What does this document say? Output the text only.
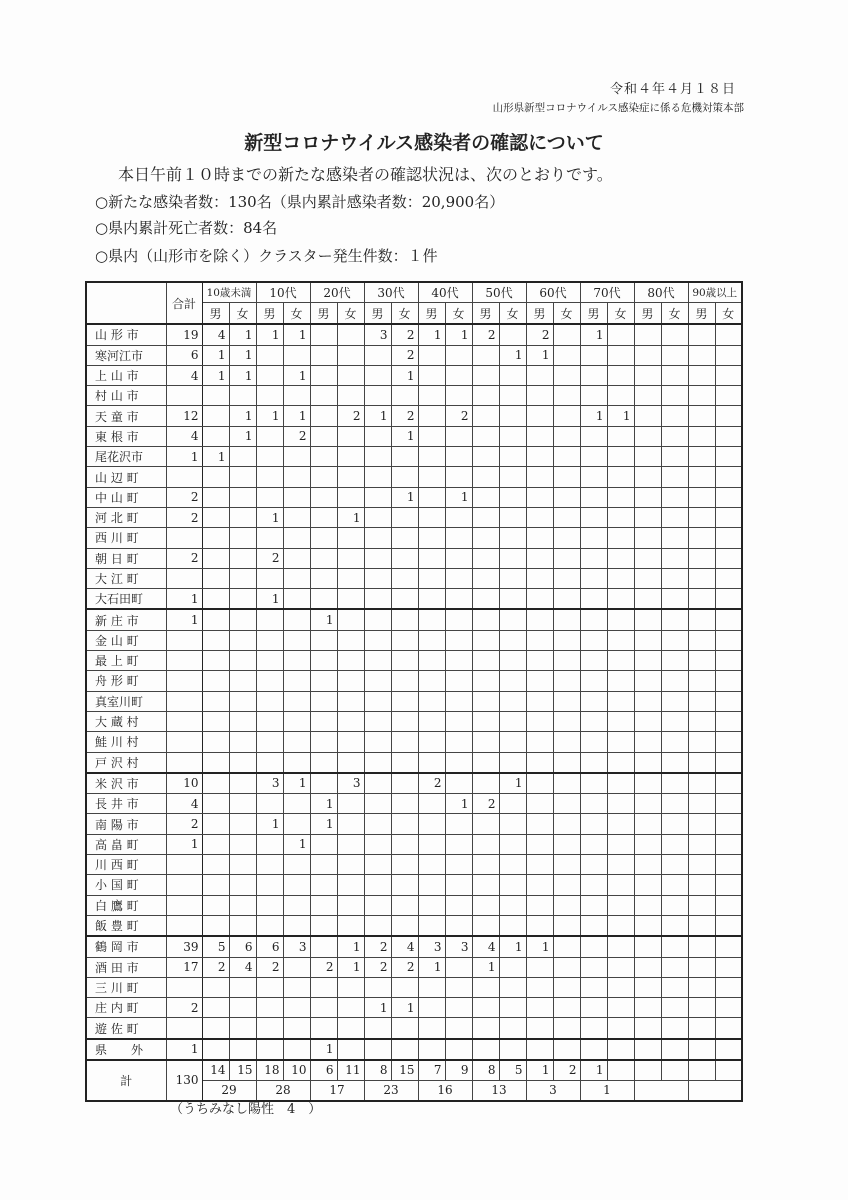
令和４年４月１８日
山形県新型コロナウイルス感染症に係る危機対策本部
新型コロナウイルス感染者の確認について
本日午前１０時までの新たな感染者の確認状況は、次のとおりです。
○新たな感染者数：130名（県内累計感染者数：20,900名）
○県内累計死亡者数：84名
○県内（山形市を除く）クラスター発生件数：１件
	合計	10歳未満		10代		20代		30代		40代		50代		60代		70代		80代		90歳以上	
		男	女	男	女	男	女	男	女	男	女	男	女	男	女	男	女	男	女	男	女
山 形 市	19	4	1	1	1			3	2	1	1	2		2		1					
寒河江市	6	1	1						2				1	1							
上 山 市	4	1	1		1				1												
村 山 市																					
天 童 市	12		1	1	1		2	1	2		2					1	1				
東 根 市	4		1		2				1												
尾花沢市	1	1																			
山 辺 町																					
中 山 町	2								1		1										
河 北 町	2			1			1														
西 川 町																					
朝 日 町	2			2																	
大 江 町																					
大石田町	1			1																	
新 庄 市	1					1															
金 山 町																					
最 上 町																					
舟 形 町																					
真室川町																					
大 蔵 村																					
鮭 川 村																					
戸 沢 村																					
米 沢 市	10			3	1		3			2			1								
長 井 市	4					1					1	2									
南 陽 市	2			1		1															
高 畠 町	1				1																
川 西 町																					
小 国 町																					
白 鷹 町																					
飯 豊 町																					
鶴 岡 市	39	5	6	6	3		1	2	4	3	3	4	1	1							
酒 田 市	17	2	4	2		2	1	2	2	1		1									
三 川 町																					
庄 内 町	2							1	1												
遊 佐 町																					
県　　外	1					1															
計	130	14	15	18	10	6	11	8	15	7	9	8	5	1	2	1					
		29		28		17		23		16		13		3		1					
（うちみなし陽性　4　）
